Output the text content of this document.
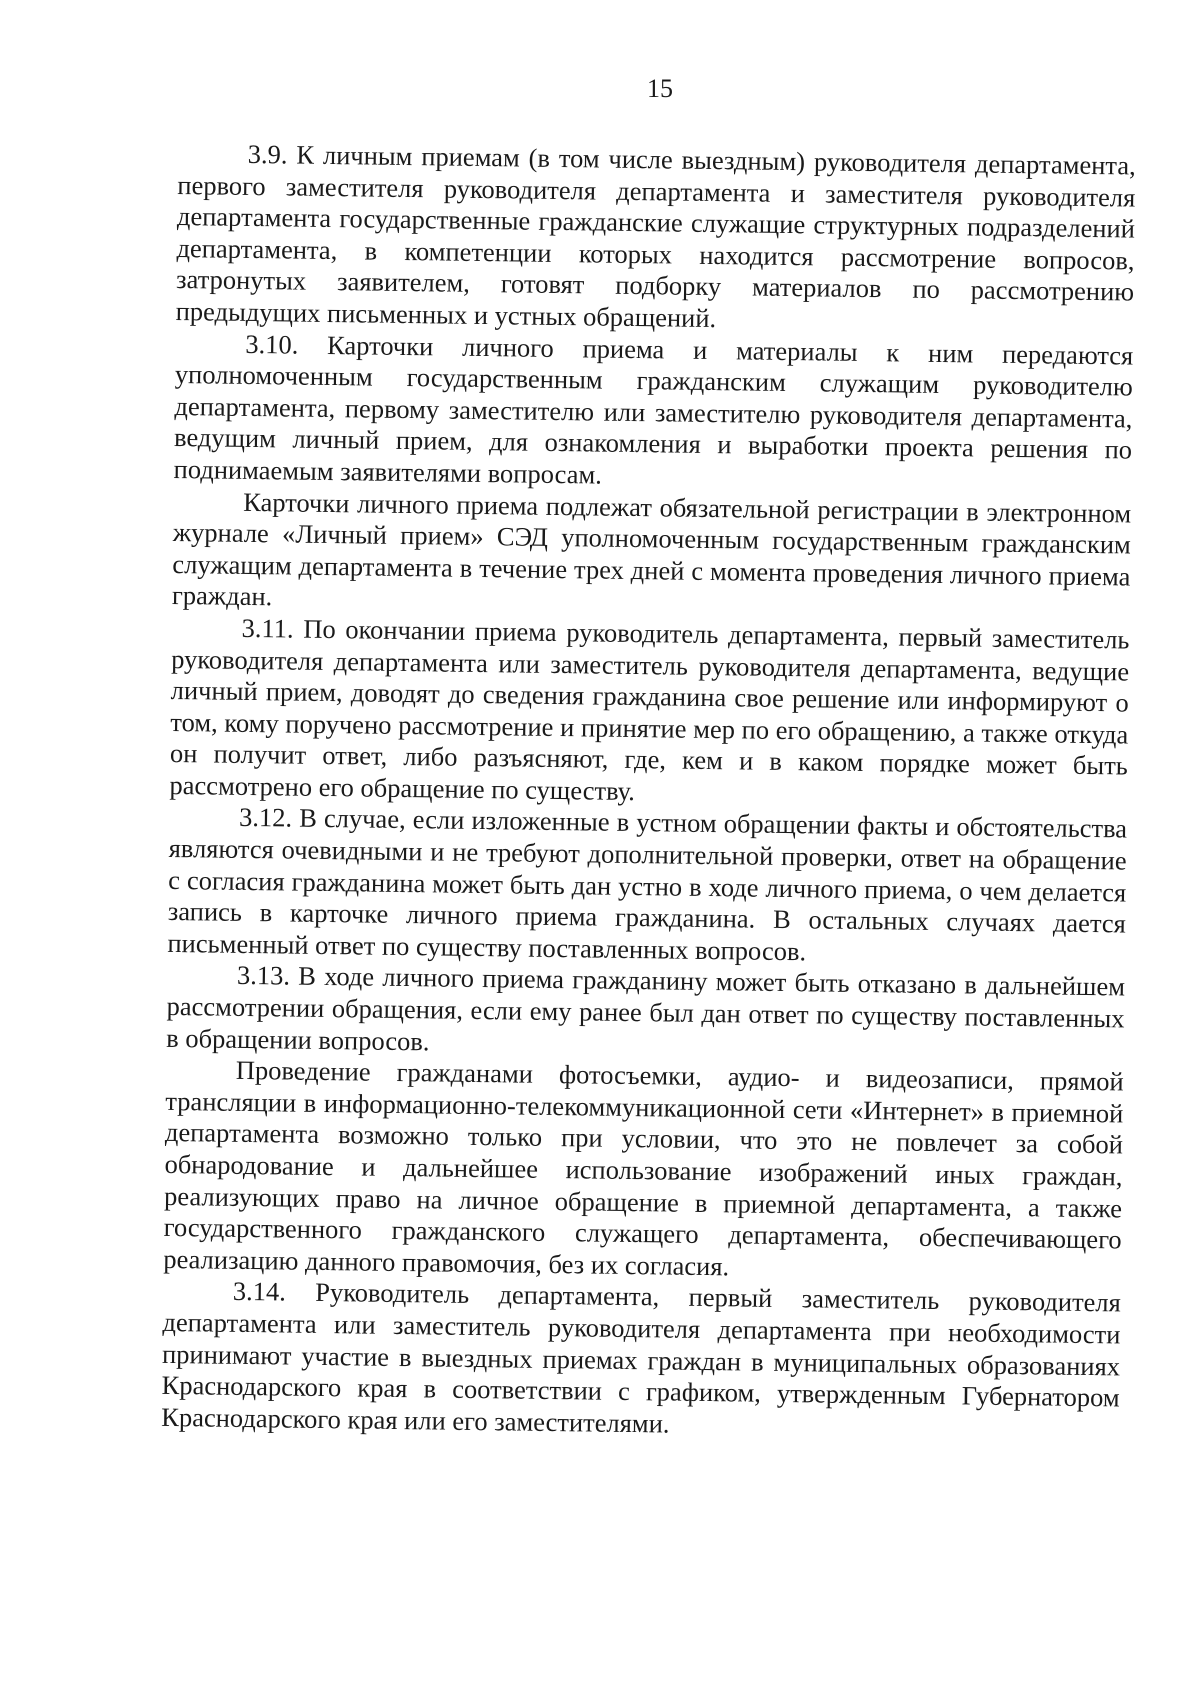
15

3.9. К личным приемам (в том числе выездным) руководителя департамента, первого заместителя руководителя департамента и заместителя руководителя департамента государственные гражданские служащие структурных подразделений департамента, в компетенции которых находится рассмотрение вопросов, затронутых заявителем, готовят подборку материалов по рассмотрению предыдущих письменных и устных обращений.

3.10. Карточки личного приема и материалы к ним передаются уполномоченным государственным гражданским служащим руководителю департамента, первому заместителю или заместителю руководителя департамента, ведущим личный прием, для ознакомления и выработки проекта решения по поднимаемым заявителями вопросам.

Карточки личного приема подлежат обязательной регистрации в электронном журнале «Личный прием» СЭД уполномоченным государственным гражданским служащим департамента в течение трех дней с момента проведения личного приема граждан.

3.11. По окончании приема руководитель департамента, первый заместитель руководителя департамента или заместитель руководителя департамента, ведущие личный прием, доводят до сведения гражданина свое решение или информируют о том, кому поручено рассмотрение и принятие мер по его обращению, а также откуда он получит ответ, либо разъясняют, где, кем и в каком порядке может быть рассмотрено его обращение по существу.

3.12. В случае, если изложенные в устном обращении факты и обстоятельства являются очевидными и не требуют дополнительной проверки, ответ на обращение с согласия гражданина может быть дан устно в ходе личного приема, о чем делается запись в карточке личного приема гражданина. В остальных случаях дается письменный ответ по существу поставленных вопросов.

3.13. В ходе личного приема гражданину может быть отказано в дальнейшем рассмотрении обращения, если ему ранее был дан ответ по существу поставленных в обращении вопросов.

Проведение гражданами фотосъемки, аудио- и видеозаписи, прямой трансляции в информационно-телекоммуникационной сети «Интернет» в приемной департамента возможно только при условии, что это не повлечет за собой обнародование и дальнейшее использование изображений иных граждан, реализующих право на личное обращение в приемной департамента, а также государственного гражданского служащего департамента, обеспечивающего реализацию данного правомочия, без их согласия.

3.14. Руководитель департамента, первый заместитель руководителя департамента или заместитель руководителя департамента при необходимости принимают участие в выездных приемах граждан в муниципальных образованиях Краснодарского края в соответствии с графиком, утвержденным Губернатором Краснодарского края или его заместителями.
